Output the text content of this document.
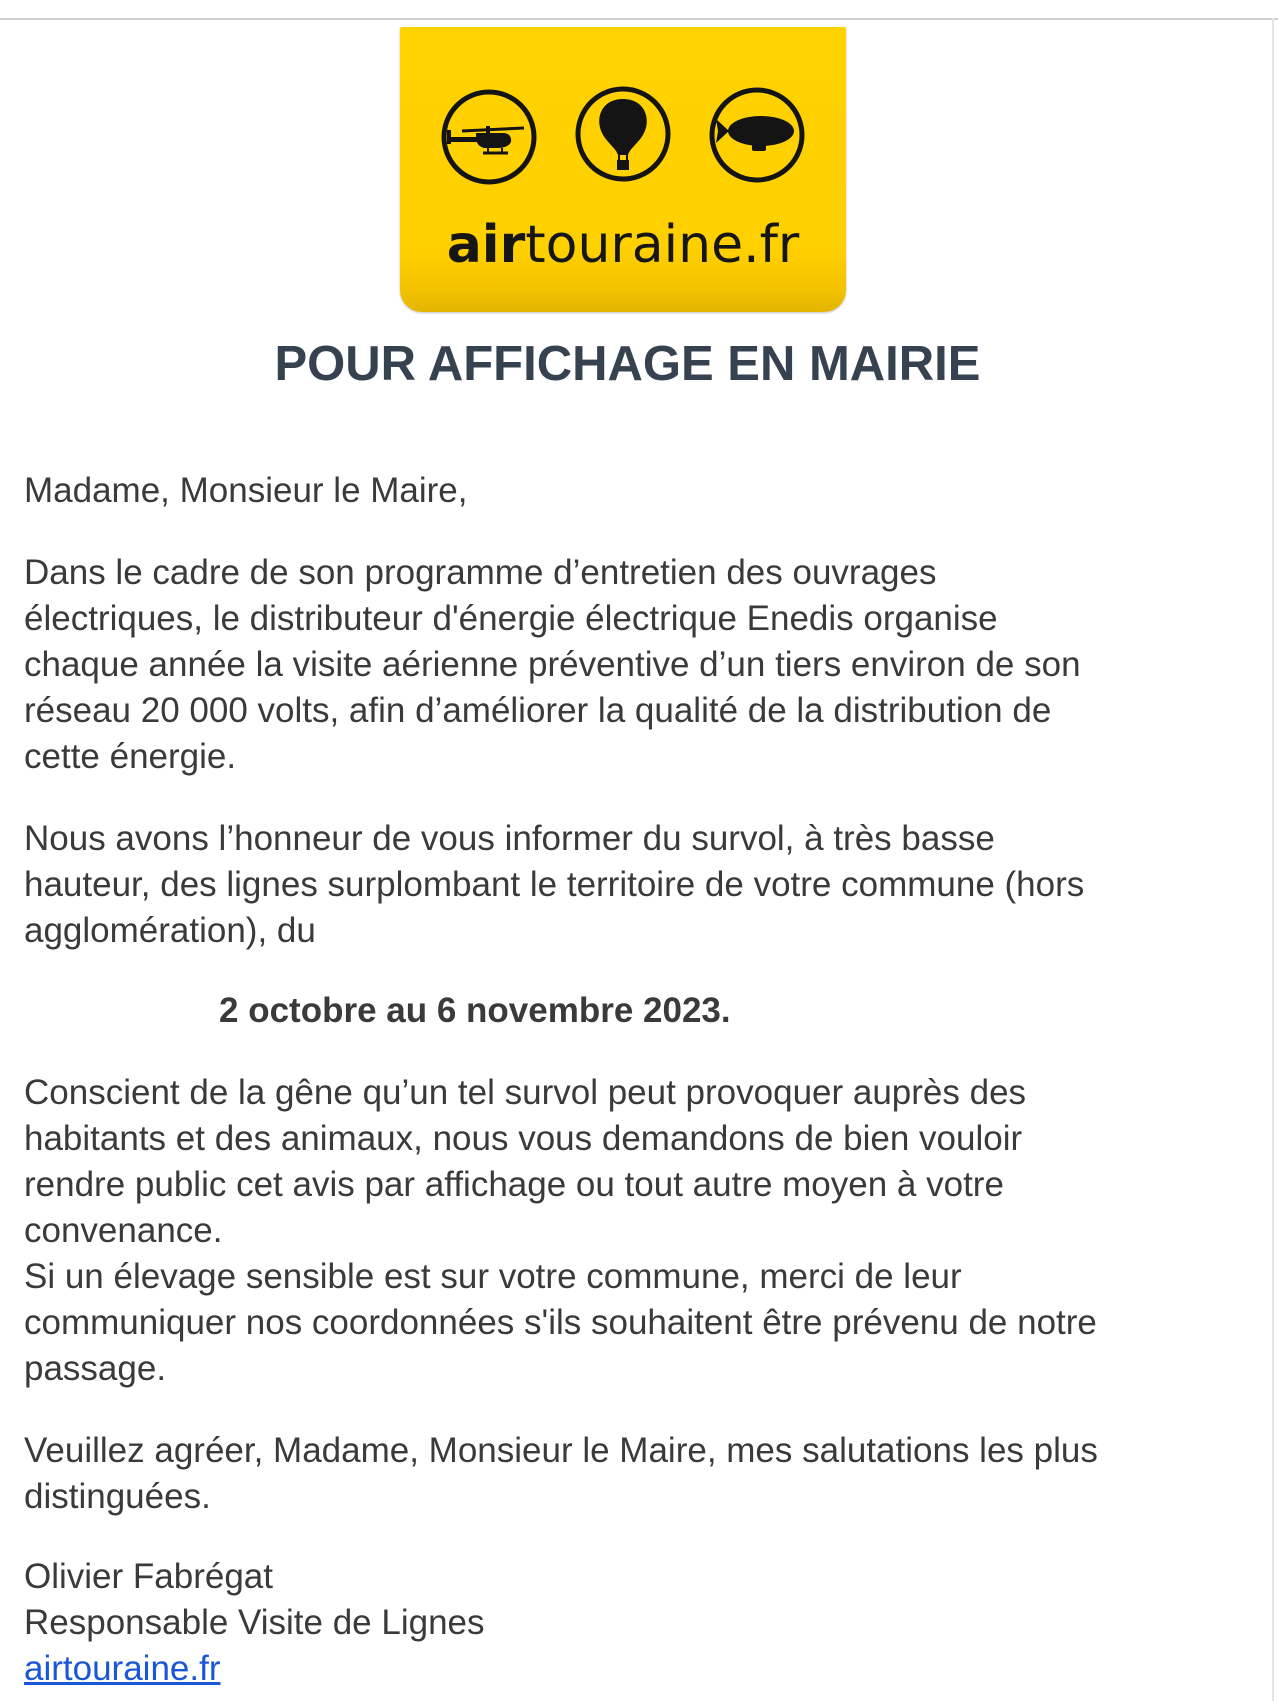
airtouraine.fr
POUR AFFICHAGE EN MAIRIE

Madame, Monsieur le Maire,

Dans le cadre de son programme d’entretien des ouvrages
électriques, le distributeur d'énergie électrique Enedis organise
chaque année la visite aérienne préventive d’un tiers environ de son
réseau 20 000 volts, afin d’améliorer la qualité de la distribution de
cette énergie.

Nous avons l’honneur de vous informer du survol, à très basse
hauteur, des lignes surplombant le territoire de votre commune (hors
agglomération), du

2 octobre au 6 novembre 2023.

Conscient de la gêne qu’un tel survol peut provoquer auprès des
habitants et des animaux, nous vous demandons de bien vouloir
rendre public cet avis par affichage ou tout autre moyen à votre
convenance.

Si un élevage sensible est sur votre commune, merci de leur
communiquer nos coordonnées s'ils souhaitent être prévenu de notre
passage.

Veuillez agréer, Madame, Monsieur le Maire, mes salutations les plus
distinguées.

Olivier Fabrégat

Responsable Visite de Lignes

airtouraine.fr
